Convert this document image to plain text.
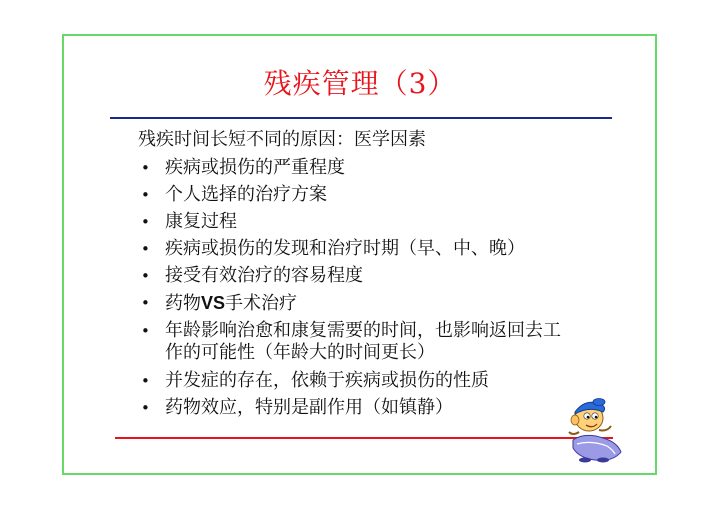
残疾管理（3）

残疾时间长短不同的原因：医学因素

• 疾病或损伤的严重程度
• 个人选择的治疗方案
• 康复过程
• 疾病或损伤的发现和治疗时期（早、中、晚）
• 接受有效治疗的容易程度
• 药物VS手术治疗
• 年龄影响治愈和康复需要的时间，也影响返回去工
作的可能性（年龄大的时间更长）
• 并发症的存在，依赖于疾病或损伤的性质
• 药物效应，特别是副作用（如镇静）
